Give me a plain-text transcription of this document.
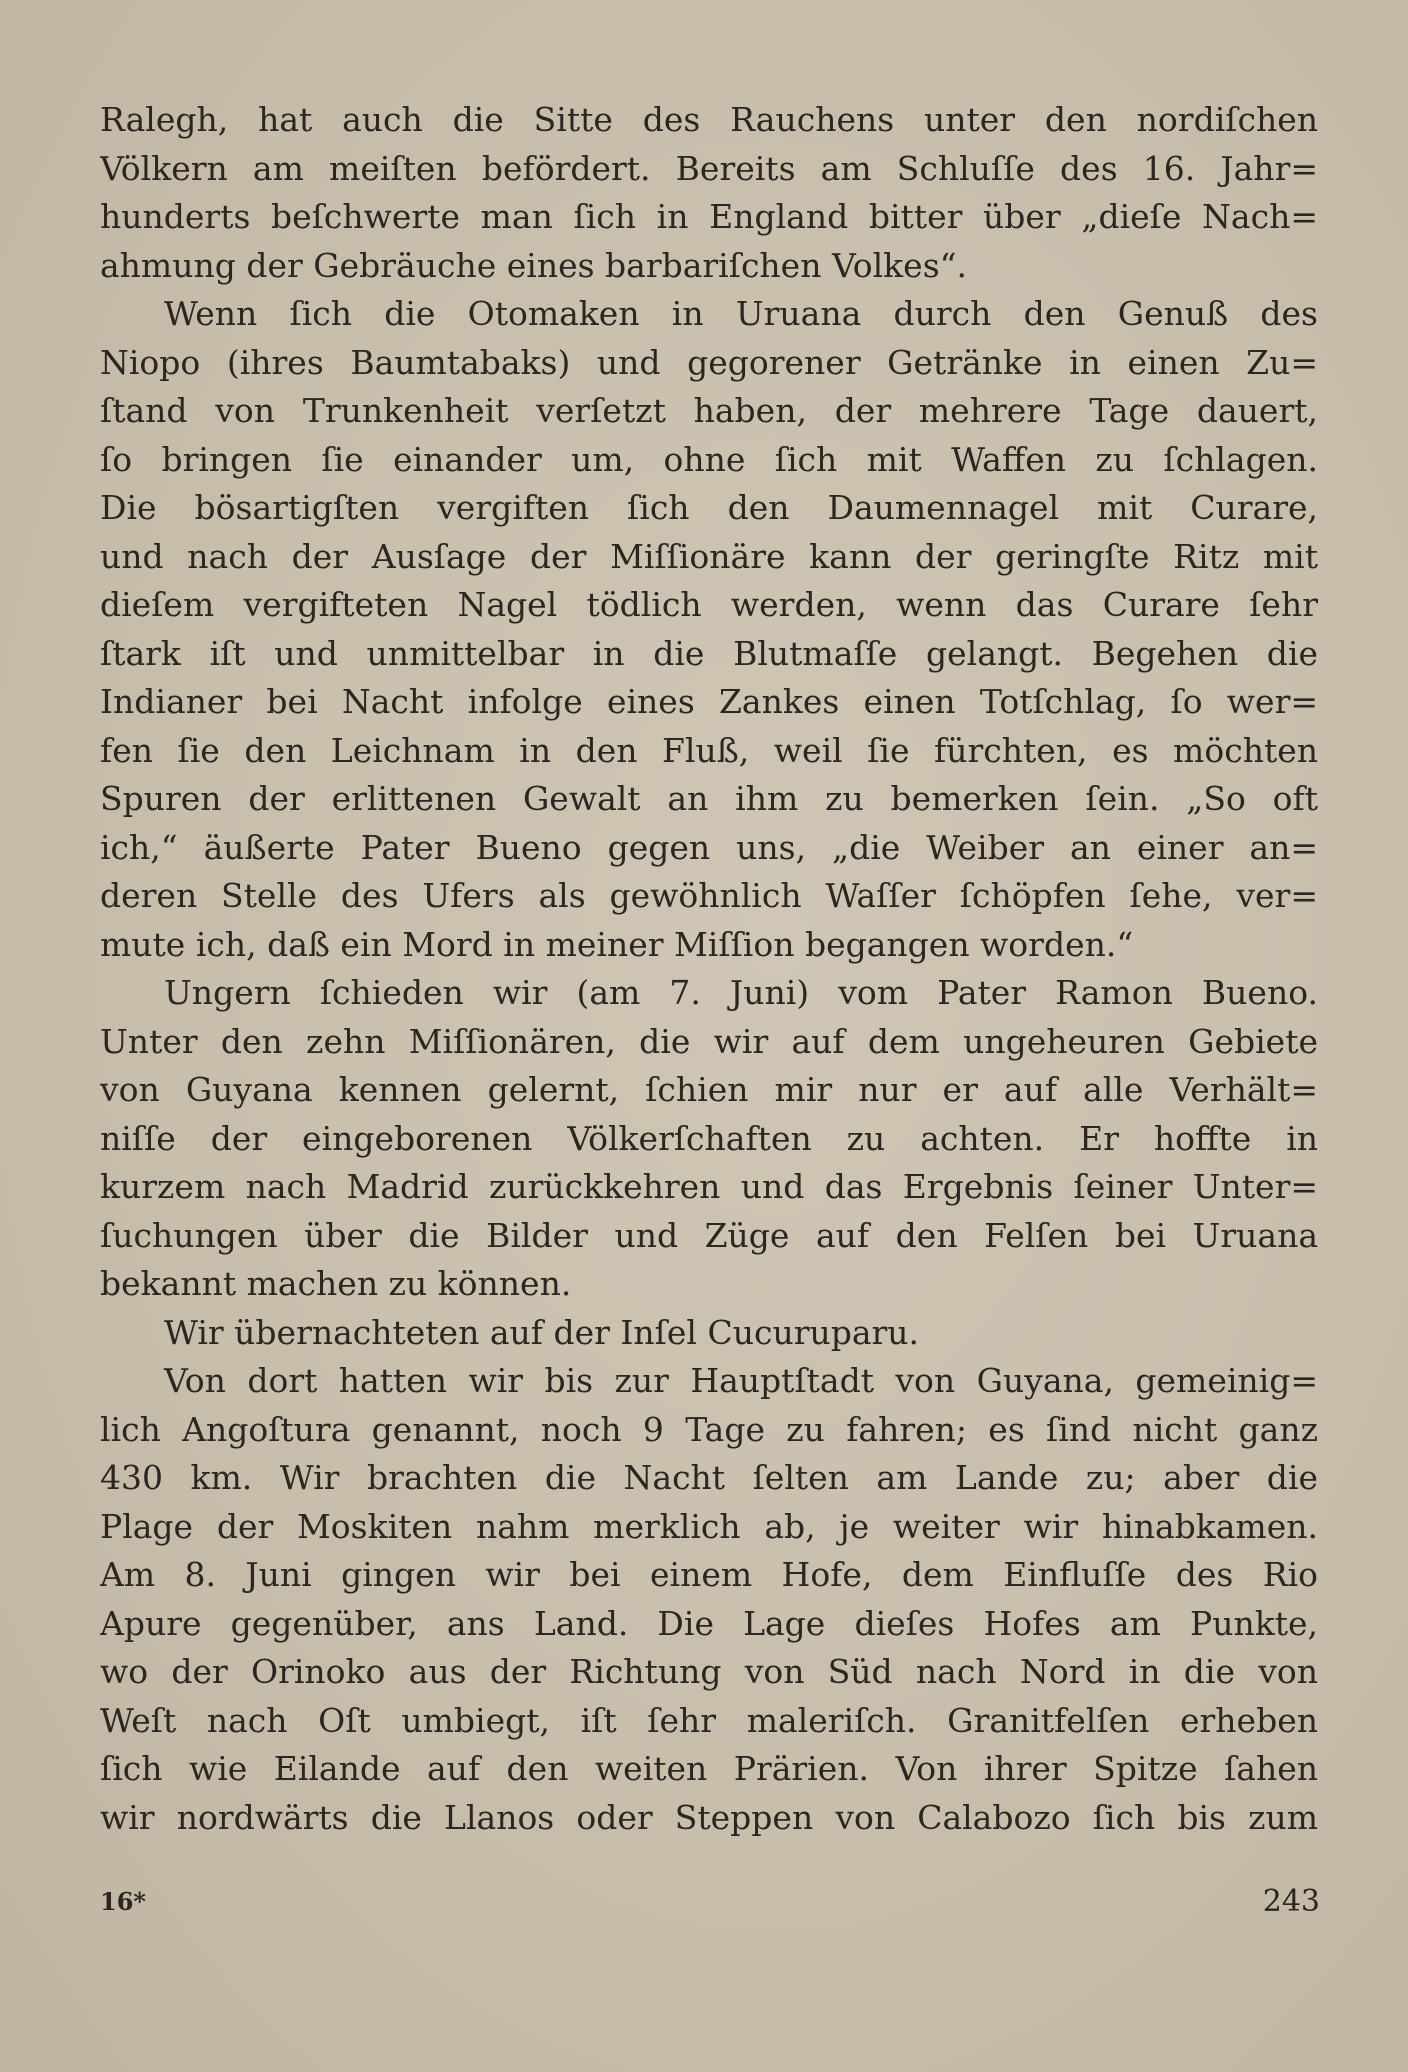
Ralegh, hat auch die Sitte des Rauchens unter den nordiſchen
Völkern am meiſten befördert. Bereits am Schluſſe des 16. Jahr=
hunderts beſchwerte man ſich in England bitter über „dieſe Nach=
ahmung der Gebräuche eines barbariſchen Volkes“.
Wenn ſich die Otomaken in Uruana durch den Genuß des
Niopo (ihres Baumtabaks) und gegorener Getränke in einen Zu=
ſtand von Trunkenheit verſetzt haben, der mehrere Tage dauert,
ſo bringen ſie einander um, ohne ſich mit Waffen zu ſchlagen.
Die bösartigſten vergiften ſich den Daumennagel mit Curare,
und nach der Ausſage der Miſſionäre kann der geringſte Ritz mit
dieſem vergifteten Nagel tödlich werden, wenn das Curare ſehr
ſtark iſt und unmittelbar in die Blutmaſſe gelangt. Begehen die
Indianer bei Nacht infolge eines Zankes einen Totſchlag, ſo wer=
fen ſie den Leichnam in den Fluß, weil ſie fürchten, es möchten
Spuren der erlittenen Gewalt an ihm zu bemerken ſein. „So oft
ich,“ äußerte Pater Bueno gegen uns, „die Weiber an einer an=
deren Stelle des Ufers als gewöhnlich Waſſer ſchöpfen ſehe, ver=
mute ich, daß ein Mord in meiner Miſſion begangen worden.“
Ungern ſchieden wir (am 7. Juni) vom Pater Ramon Bueno.
Unter den zehn Miſſionären, die wir auf dem ungeheuren Gebiete
von Guyana kennen gelernt, ſchien mir nur er auf alle Verhält=
niſſe der eingeborenen Völkerſchaften zu achten. Er hoffte in
kurzem nach Madrid zurückkehren und das Ergebnis ſeiner Unter=
ſuchungen über die Bilder und Züge auf den Felſen bei Uruana
bekannt machen zu können.
Wir übernachteten auf der Inſel Cucuruparu.
Von dort hatten wir bis zur Hauptſtadt von Guyana, gemeinig=
lich Angoſtura genannt, noch 9 Tage zu fahren; es ſind nicht ganz
430 km. Wir brachten die Nacht ſelten am Lande zu; aber die
Plage der Moskiten nahm merklich ab, je weiter wir hinabkamen.
Am 8. Juni gingen wir bei einem Hofe, dem Einfluſſe des Rio
Apure gegenüber, ans Land. Die Lage dieſes Hofes am Punkte,
wo der Orinoko aus der Richtung von Süd nach Nord in die von
Weſt nach Oſt umbiegt, iſt ſehr maleriſch. Granitfelſen erheben
ſich wie Eilande auf den weiten Prärien. Von ihrer Spitze ſahen
wir nordwärts die Llanos oder Steppen von Calabozo ſich bis zum
16*	243
